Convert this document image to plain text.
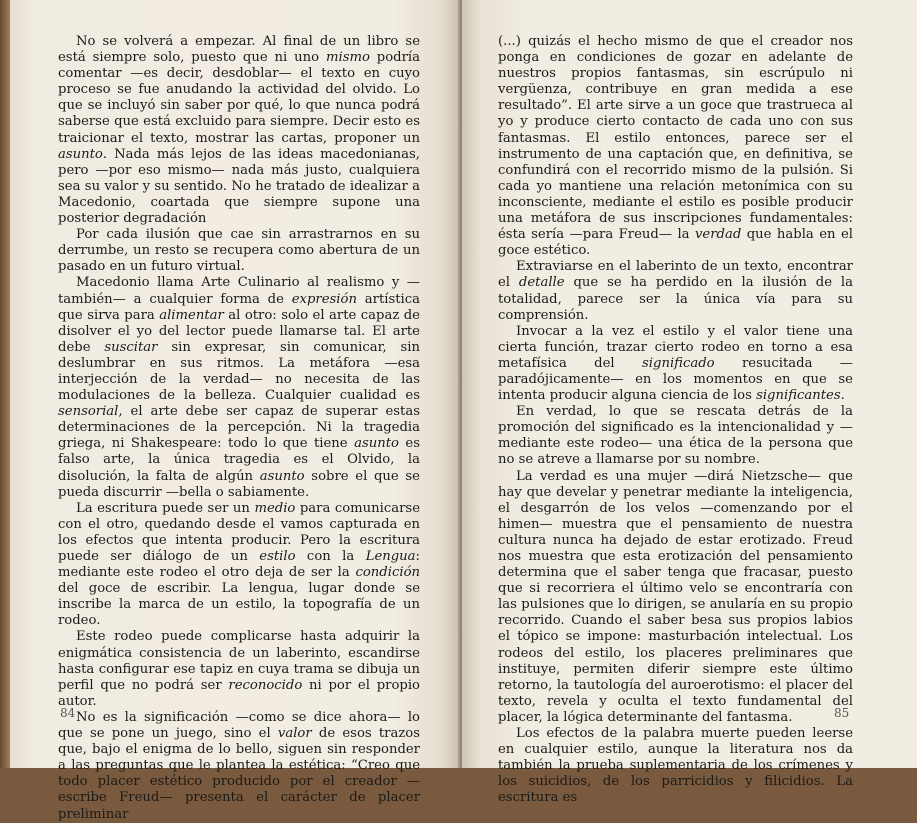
No se volverá a empezar. Al final de un libro se está siempre solo, puesto que ni uno mismo podría comentar —es decir, desdoblar— el texto en cuyo proceso se fue anudando la actividad del olvido. Lo que se incluyó sin saber por qué, lo que nunca podrá saberse que está excluido para siempre. Decir esto es traicionar el texto, mostrar las cartas, proponer un asunto. Nada más lejos de las ideas macedonianas, pero —por eso mismo— nada más justo, cualquiera sea su valor y su sentido. No he tratado de idealizar a Macedonio, coartada que siempre supone una posterior degradación

Por cada ilusión que cae sin arrastrarnos en su derrumbe, un resto se recupera como abertura de un pasado en un futuro virtual.

Macedonio llama Arte Culinario al realismo y —también— a cualquier forma de expresión artística que sirva para alimentar al otro: solo el arte capaz de disolver el yo del lector puede llamarse tal. El arte debe suscitar sin expresar, sin comunicar, sin deslumbrar en sus ritmos. La metáfora —esa interjección de la verdad— no necesita de las modulaciones de la belleza. Cualquier cualidad es sensorial, el arte debe ser capaz de superar estas determinaciones de la percepción. Ni la tragedia griega, ni Shakespeare: todo lo que tiene asunto es falso arte, la única tragedia es el Olvido, la disolución, la falta de algún asunto sobre el que se pueda discurrir —bella o sabiamente.

La escritura puede ser un medio para comunicarse con el otro, quedando desde el vamos capturada en los efectos que intenta producir. Pero la escritura puede ser diálogo de un estilo con la Lengua: mediante este rodeo el otro deja de ser la condición del goce de escribir. La lengua, lugar donde se inscribe la marca de un estilo, la topografía de un rodeo.

Este rodeo puede complicarse hasta adquirir la enigmática consistencia de un laberinto, escandirse hasta configurar ese tapiz en cuya trama se dibuja un perfil que no podrá ser reconocido ni por el propio autor.

No es la significación —como se dice ahora— lo que se pone un juego, sino el valor de esos trazos que, bajo el enigma de lo bello, siguen sin responder a las preguntas que le plantea la estética: “Creo que todo placer estético producido por el creador —escribe Freud— presenta el carácter de placer preliminar

84

(...) quizás el hecho mismo de que el creador nos ponga en condiciones de gozar en adelante de nuestros propios fantasmas, sin escrúpulo ni vergüenza, contribuye en gran medida a ese resultado”. El arte sirve a un goce que trastrueca al yo y produce cierto contacto de cada uno con sus fantasmas. El estilo entonces, parece ser el instrumento de una captación que, en definitiva, se confundirá con el recorrido mismo de la pulsión. Si cada yo mantiene una relación metonímica con su inconsciente, mediante el estilo es posible producir una metáfora de sus inscripciones fundamentales: ésta sería —para Freud— la verdad que habla en el goce estético.

Extraviarse en el laberinto de un texto, encontrar el detalle que se ha perdido en la ilusión de la totalidad, parece ser la única vía para su comprensión.

Invocar a la vez el estilo y el valor tiene una cierta función, trazar cierto rodeo en torno a esa metafísica del significado resucitada —paradójicamente— en los momentos en que se intenta producir alguna ciencia de los significantes.

En verdad, lo que se rescata detrás de la promoción del significado es la intencionalidad y —mediante este rodeo— una ética de la persona que no se atreve a llamarse por su nombre.

La verdad es una mujer —dirá Nietzsche— que hay que develar y penetrar mediante la inteligencia, el desgarrón de los velos —comenzando por el himen— muestra que el pensamiento de nuestra cultura nunca ha dejado de estar erotizado. Freud nos muestra que esta erotización del pensamiento determina que el saber tenga que fracasar, puesto que si recorriera el último velo se encontraría con las pulsiones que lo dirigen, se anularía en su propio recorrido. Cuando el saber besa sus propios labios el tópico se impone: masturbación intelectual. Los rodeos del estilo, los placeres preliminares que instituye, permiten diferir siempre este último retorno, la tautología del auroerotismo: el placer del texto, revela y oculta el texto fundamental del placer, la lógica determinante del fantasma.

Los efectos de la palabra muerte pueden leerse en cualquier estilo, aunque la literatura nos da también la prueba suplementaria de los crímenes y los suicidios, de los parricidios y filicidios. La escritura es

85
